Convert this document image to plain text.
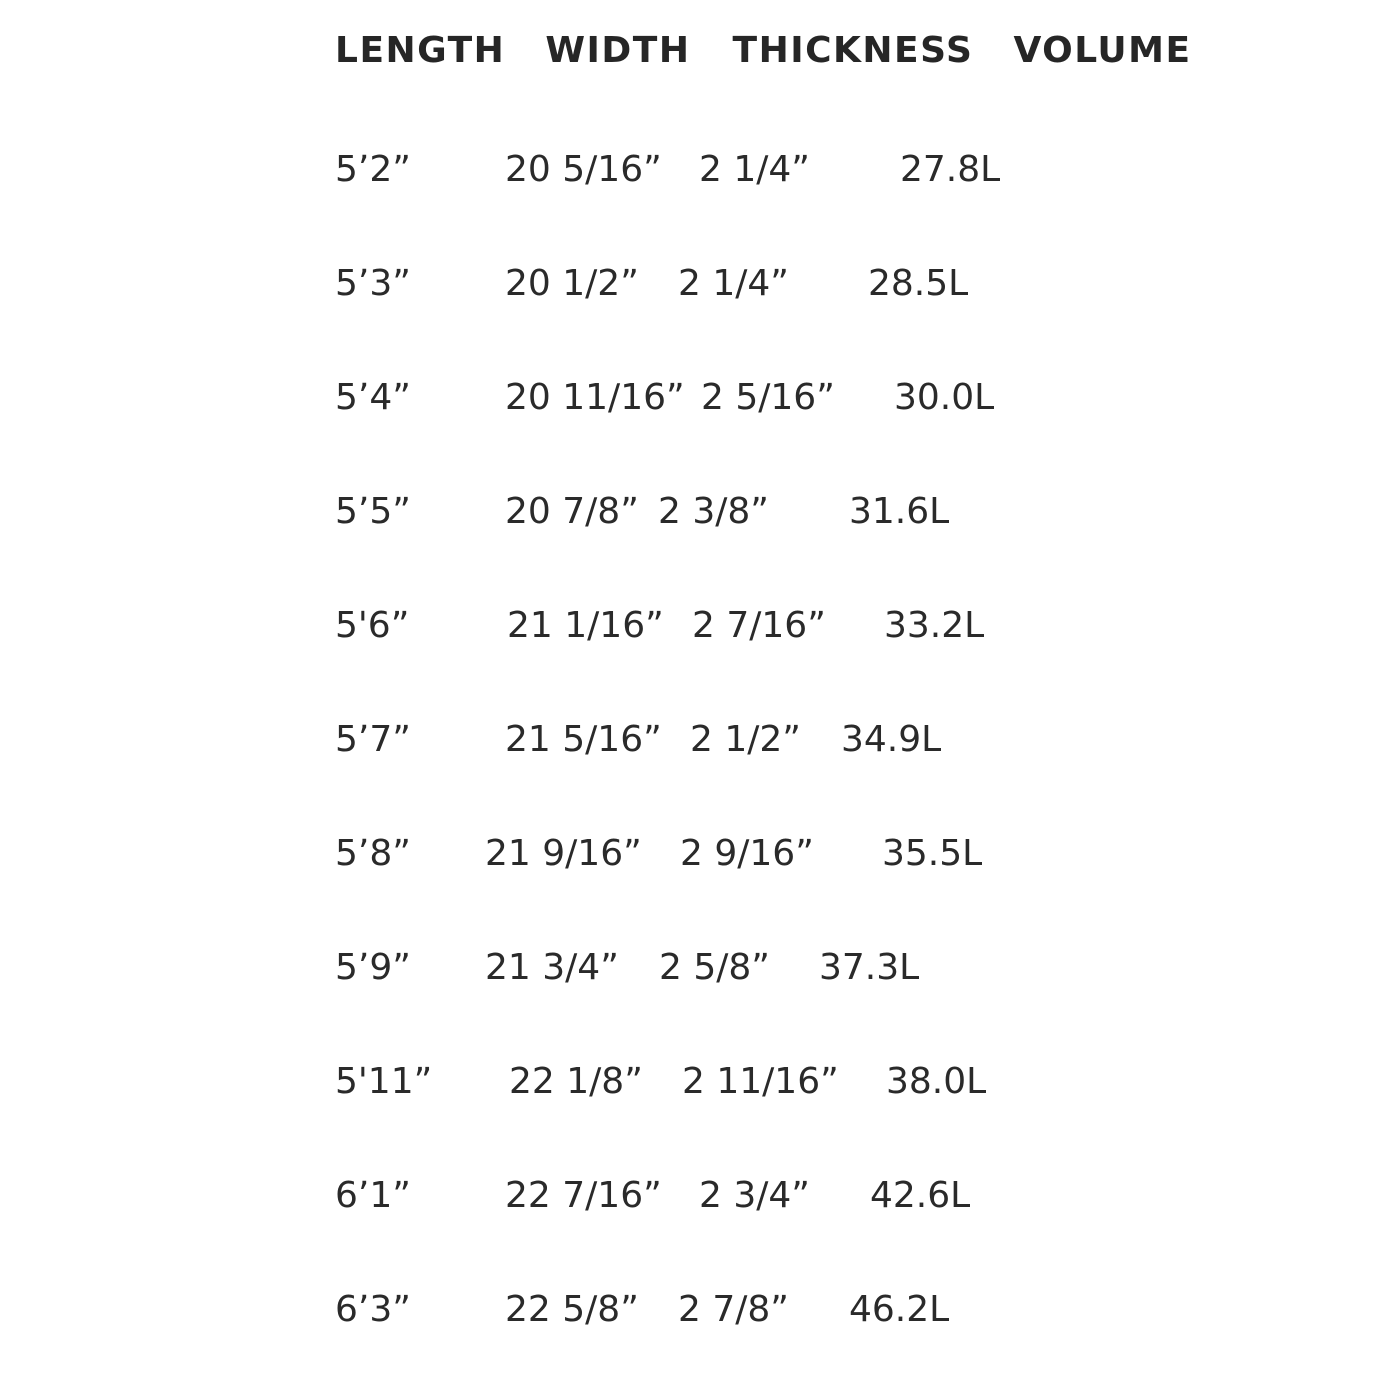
LENGTH WIDTH THICKNESS VOLUME
5’2”	20 5/16” 2 1/4”	27.8L
5’3”	20 1/2” 2 1/4” 28.5L
5’4”	20 11/16” 2 5/16” 30.0L
5’5”	20 7/8” 2 3/8” 31.6L
5'6”	21 1/16” 2 7/16” 33.2L
5’7”	21 5/16” 2 1/2” 34.9L
5’8” 21 9/16” 2 9/16” 35.5L
5’9” 21 3/4” 2 5/8” 37.3L
5'11” 22 1/8” 2 11/16” 38.0L
6’1”	22 7/16” 2 3/4” 42.6L
6’3”	22 5/8” 2 7/8” 46.2L
